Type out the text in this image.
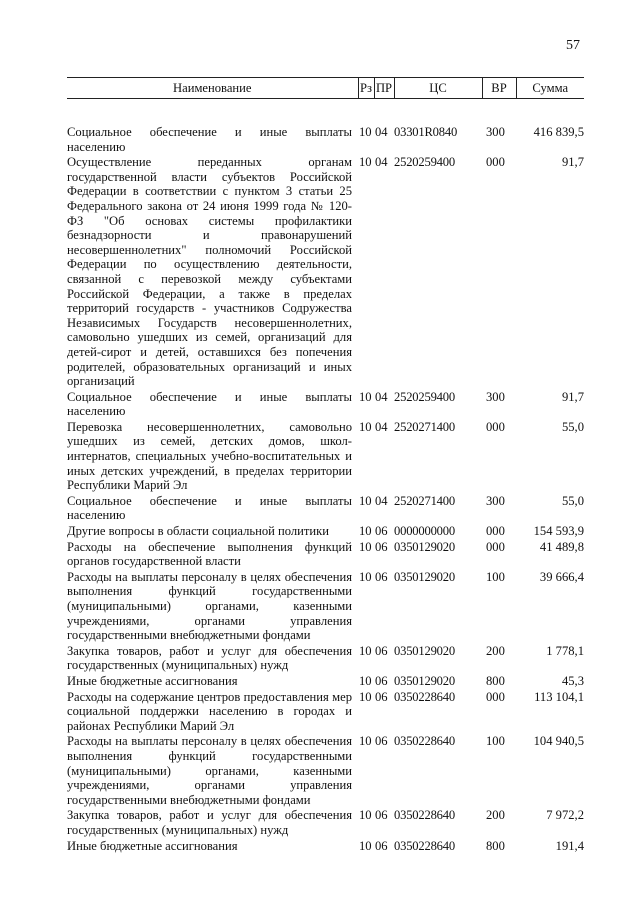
57
Наименование	Рз	ПР	ЦС	ВР	Сумма
Социальное обеспечение и иные выплаты населению	10	04	03301R0840	300	416 839,5
Осуществление переданных органам государственной власти субъектов Российской Федерации в соответствии с пунктом 3 статьи 25 Федерального закона от 24 июня 1999 года № 120-ФЗ "Об основах системы профилактики безнадзорности и правонарушений несовершеннолетних" полномочий Российской Федерации по осуществлению деятельности, связанной с перевозкой между субъектами Российской Федерации, а также в пределах территорий государств - участников Содружества Независимых Государств несовершеннолетних, самовольно ушедших из семей, организаций для детей-сирот и детей, оставшихся без попечения родителей, образовательных организаций и иных организаций	10	04	2520259400	000	91,7
Социальное обеспечение и иные выплаты населению	10	04	2520259400	300	91,7
Перевозка несовершеннолетних, самовольно ушедших из семей, детских домов, школ-интернатов, специальных учебно-воспитательных и иных детских учреждений, в пределах территории Республики Марий Эл	10	04	2520271400	000	55,0
Социальное обеспечение и иные выплаты населению	10	04	2520271400	300	55,0
Другие вопросы в области социальной политики	10	06	0000000000	000	154 593,9
Расходы на обеспечение выполнения функций органов государственной власти	10	06	0350129020	000	41 489,8
Расходы на выплаты персоналу в целях обеспечения выполнения функций государственными (муниципальными) органами, казенными учреждениями, органами управления государственными внебюджетными фондами	10	06	0350129020	100	39 666,4
Закупка товаров, работ и услуг для обеспечения государственных (муниципальных) нужд	10	06	0350129020	200	1 778,1
Иные бюджетные ассигнования	10	06	0350129020	800	45,3
Расходы на содержание центров предоставления мер социальной поддержки населению в городах и районах Республики Марий Эл	10	06	0350228640	000	113 104,1
Расходы на выплаты персоналу в целях обеспечения выполнения функций государственными (муниципальными) органами, казенными учреждениями, органами управления государственными внебюджетными фондами	10	06	0350228640	100	104 940,5
Закупка товаров, работ и услуг для обеспечения государственных (муниципальных) нужд	10	06	0350228640	200	7 972,2
Иные бюджетные ассигнования	10	06	0350228640	800	191,4
